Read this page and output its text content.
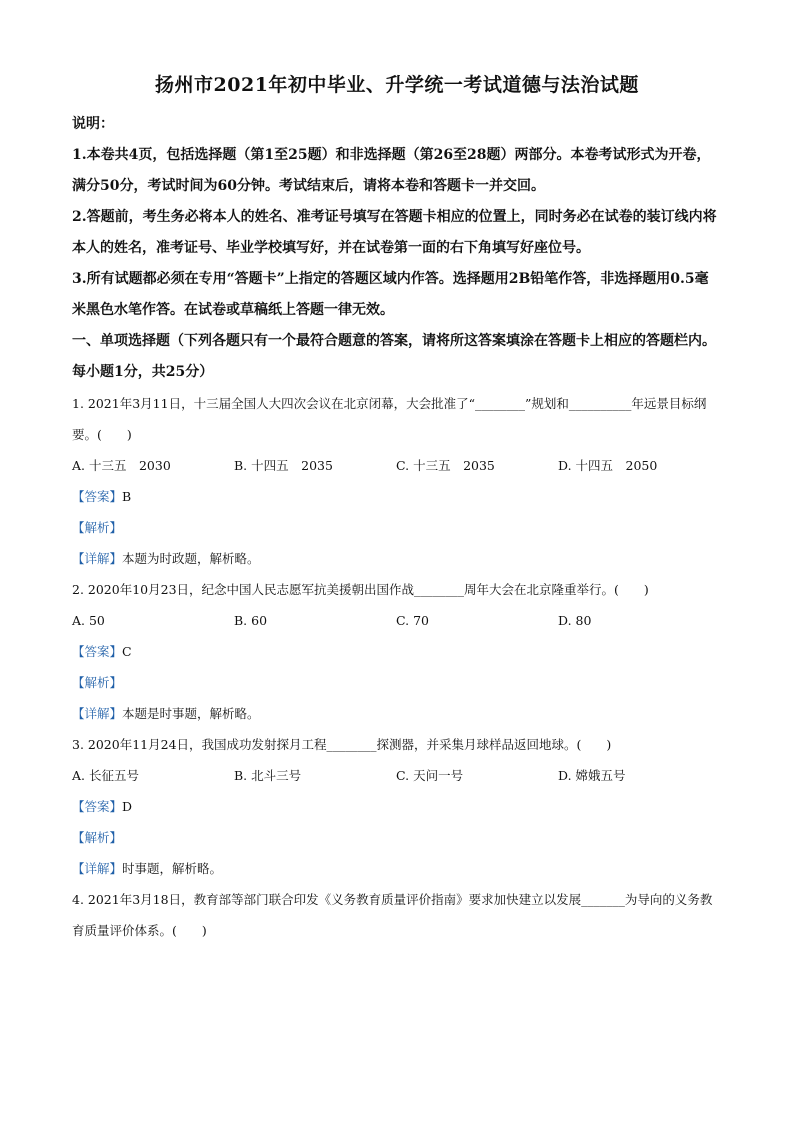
扬州市2021年初中毕业、升学统一考试道德与法治试题

说明：

1.本卷共4页，包括选择题（第1至25题）和非选择题（第26至28题）两部分。本卷考试形式为开卷，满分50分，考试时间为60分钟。考试结束后，请将本卷和答题卡一并交回。

2.答题前，考生务必将本人的姓名、准考证号填写在答题卡相应的位置上，同时务必在试卷的装订线内将本人的姓名，准考证号、毕业学校填写好，并在试卷第一面的右下角填写好座位号。

3.所有试题都必须在专用“答题卡”上指定的答题区域内作答。选择题用2B铅笔作答，非选择题用0.5毫米黑色水笔作答。在试卷或草稿纸上答题一律无效。

一、单项选择题（下列各题只有一个最符合题意的答案，请将所这答案填涂在答题卡上相应的答题栏内。每小题1分，共25分）

1. 2021年3月11日，十三届全国人大四次会议在北京闭幕，大会批准了“________”规划和__________年远景目标纲要。(　　)

A. 十三五　2030	B. 十四五　2035	C. 十三五　2035	D. 十四五　2050
【答案】B
【解析】
【详解】本题为时政题，解析略。

2. 2020年10月23日，纪念中国人民志愿军抗美援朝出国作战________周年大会在北京隆重举行。(　　)

A. 50	B. 60	C. 70	D. 80
【答案】C
【解析】
【详解】本题是时事题，解析略。

3. 2020年11月24日，我国成功发射探月工程________探测器，并采集月球样品返回地球。(　　)

A. 长征五号	B. 北斗三号	C. 天问一号	D. 嫦娥五号
【答案】D
【解析】
【详解】时事题，解析略。

4. 2021年3月18日，教育部等部门联合印发《义务教育质量评价指南》要求加快建立以发展_______为导向的义务教育质量评价体系。(　　)
